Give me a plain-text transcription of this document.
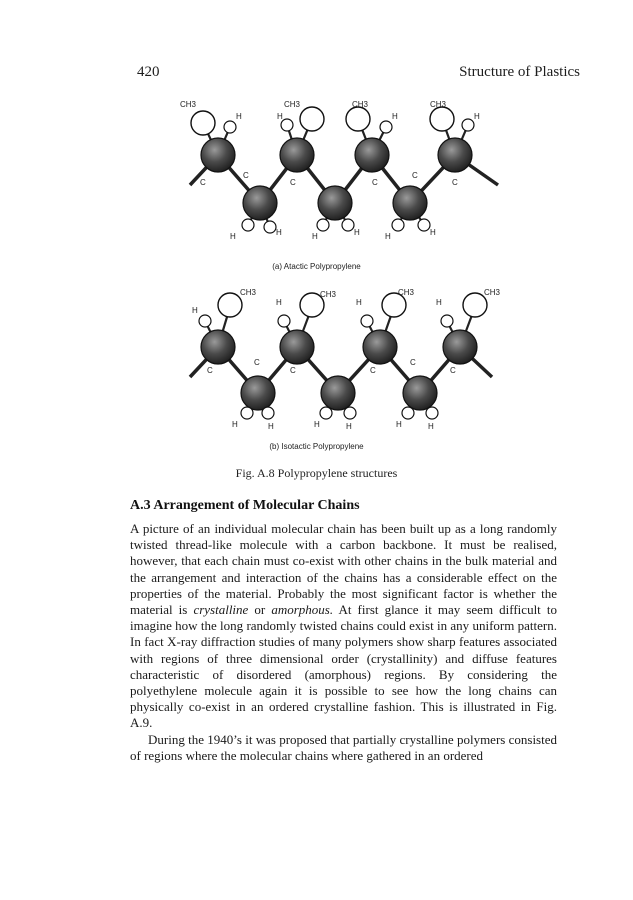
420	Structure of Plastics
CH3	CH3	CH3	CH3
H	H	H	H
C
C
C	C
C
C
H	H	H	H	H	H
(a) Atactic Polypropylene
CH3	CH3	CH3	CH3
H
H	H	H
C
C
C	C
C
C
H	H	H	H	H	H
(b) Isotactic Polypropylene
Fig. A.8 Polypropylene structures
A.3 Arrangement of Molecular Chains

A picture of an individual molecular chain has been built up as a long randomly twisted thread-like molecule with a carbon backbone. It must be realised, however, that each chain must co-exist with other chains in the bulk material and the arrangement and interaction of the chains has a considerable effect on the properties of the material. Probably the most significant factor is whether the material is crystalline or amorphous. At first glance it may seem difficult to imagine how the long randomly twisted chains could exist in any uniform pattern. In fact X-ray diffraction studies of many polymers show sharp features associated with regions of three dimensional order (crystallinity) and diffuse features characteristic of disordered (amorphous) regions. By considering the polyethylene molecule again it is possible to see how the long chains can physically co-exist in an ordered crystalline fashion. This is illustrated in Fig. A.9.

During the 1940’s it was proposed that partially crystalline polymers consisted of regions where the molecular chains where gathered in an ordered
